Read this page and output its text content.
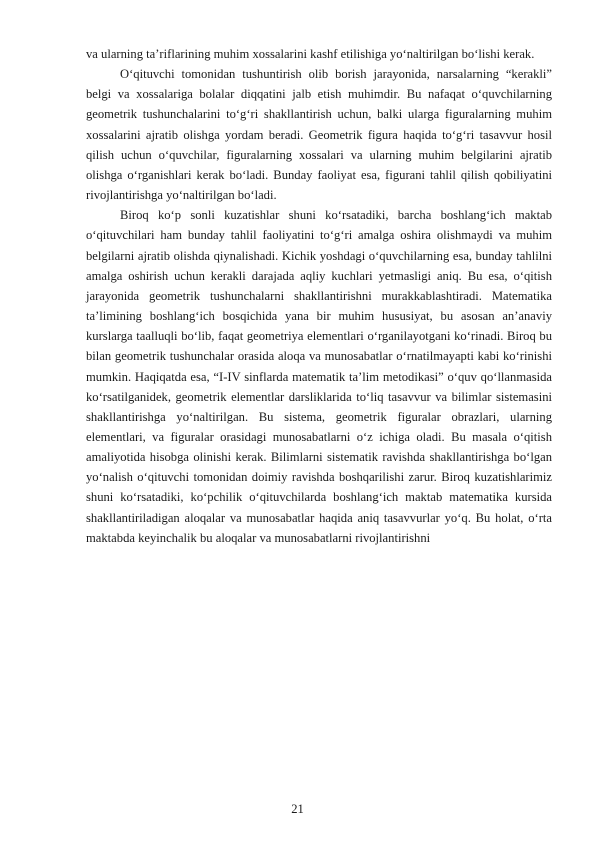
va ularning ta’riflarining muhim xossalarini kashf etilishiga yo‘naltirilgan bo‘lishi kerak.

O‘qituvchi tomonidan tushuntirish olib borish jarayonida, narsalarning “kerakli” belgi va xossalariga bolalar diqqatini jalb etish muhimdir. Bu nafaqat o‘quvchilarning geometrik tushunchalarini to‘g‘ri shakllantirish uchun, balki ularga figuralarning muhim xossalarini ajratib olishga yordam beradi. Geometrik figura haqida to‘g‘ri tasavvur hosil qilish uchun o‘quvchilar, figuralarning xossalari va ularning muhim belgilarini ajratib olishga o‘rganishlari kerak bo‘ladi. Bunday faoliyat esa, figurani tahlil qilish qobiliyatini rivojlantirishga yo‘naltirilgan bo‘ladi.

Biroq ko‘p sonli kuzatishlar shuni ko‘rsatadiki, barcha boshlang‘ich maktab o‘qituvchilari ham bunday tahlil faoliyatini to‘g‘ri amalga oshira olishmaydi va muhim belgilarni ajratib olishda qiynalishadi. Kichik yoshdagi o‘quvchilarning esa, bunday tahlilni amalga oshirish uchun kerakli darajada aqliy kuchlari yetmasligi aniq. Bu esa, o‘qitish jarayonida geometrik tushunchalarni shakllantirishni murakkablashtiradi. Matematika ta’limining boshlang‘ich bosqichida yana bir muhim hususiyat, bu asosan an’anaviy kurslarga taalluqli bo‘lib, faqat geometriya elementlari o‘rganilayotgani ko‘rinadi. Biroq bu bilan geometrik tushunchalar orasida aloqa va munosabatlar o‘rnatilmayapti kabi ko‘rinishi mumkin. Haqiqatda esa, “I-IV sinflarda matematik ta’lim metodikasi” o‘quv qo‘llanmasida ko‘rsatilganidek, geometrik elementlar darsliklarida to‘liq tasavvur va bilimlar sistemasini shakllantirishga yo‘naltirilgan. Bu sistema, geometrik figuralar obrazlari, ularning elementlari, va figuralar orasidagi munosabatlarni o‘z ichiga oladi. Bu masala o‘qitish amaliyotida hisobga olinishi kerak. Bilimlarni sistematik ravishda shakllantirishga bo‘lgan yo‘nalish o‘qituvchi tomonidan doimiy ravishda boshqarilishi zarur. Biroq kuzatishlarimiz shuni ko‘rsatadiki, ko‘pchilik o‘qituvchilarda boshlang‘ich maktab matematika kursida shakllantiriladigan aloqalar va munosabatlar haqida aniq tasavvurlar yo‘q. Bu holat, o‘rta maktabda keyinchalik bu aloqalar va munosabatlarni rivojlantirishni

21
